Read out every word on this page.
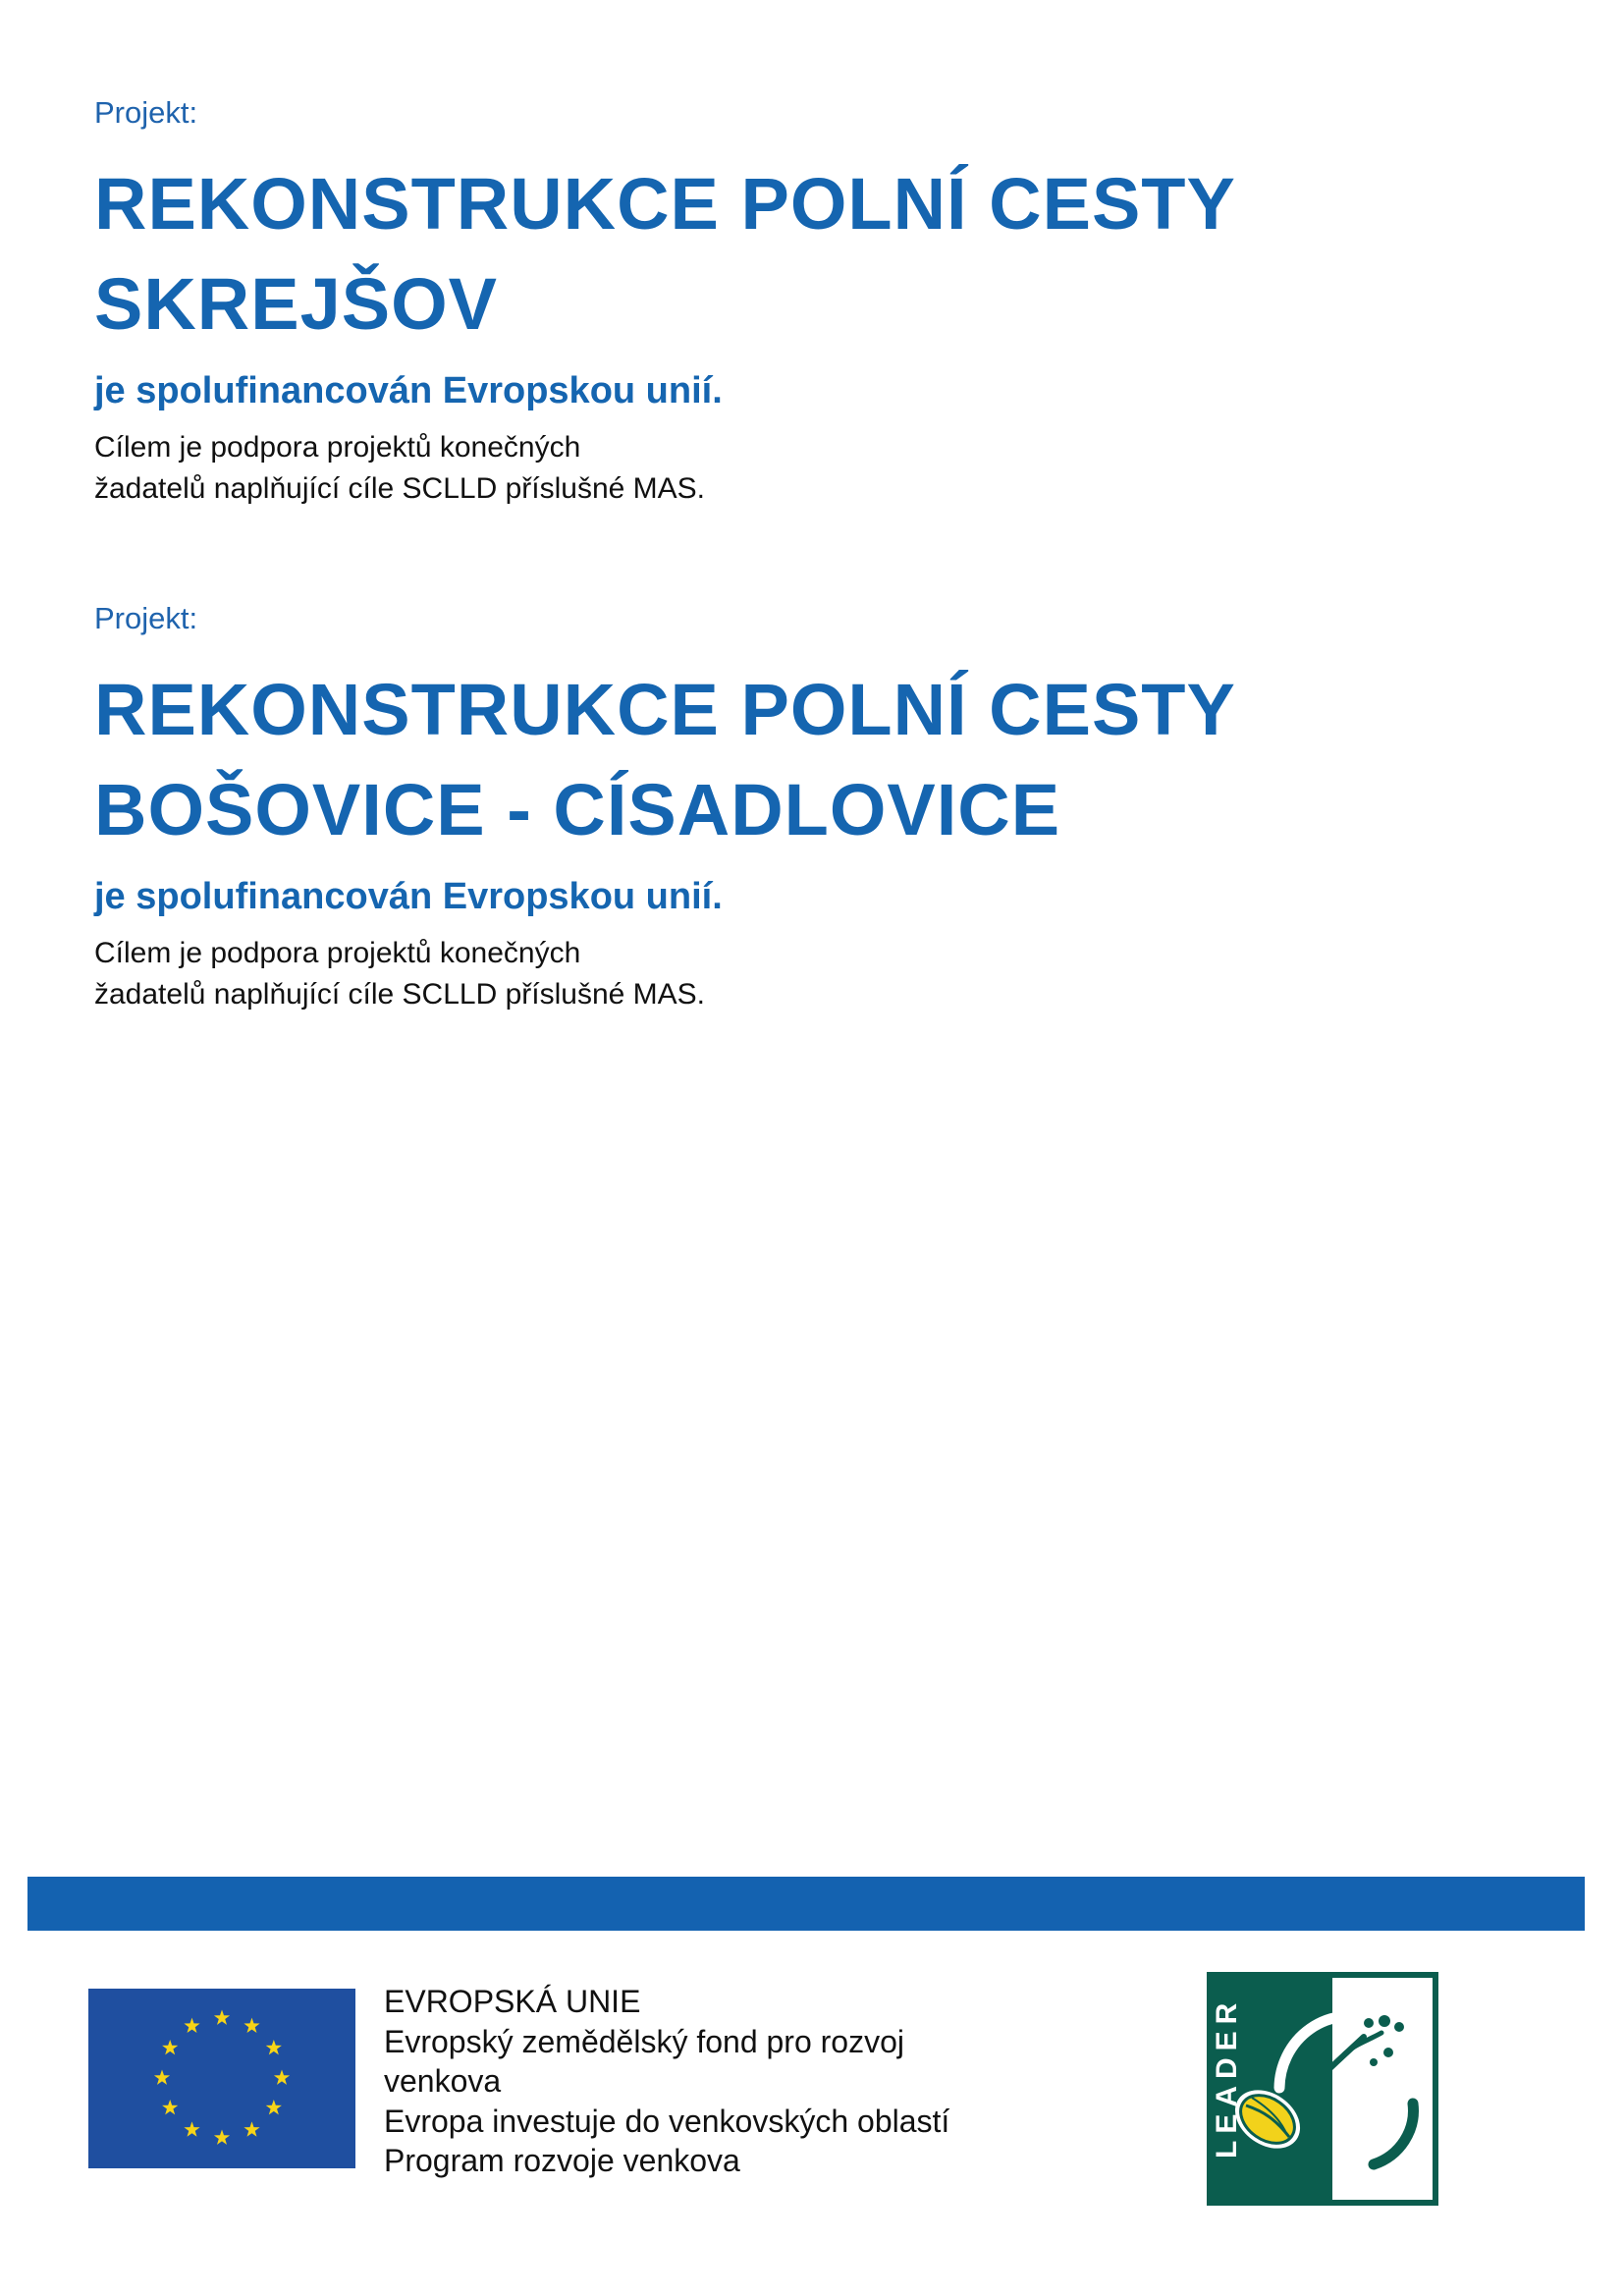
Projekt:
REKONSTRUKCE POLNÍ CESTY
SKREJŠOV
je spolufinancován Evropskou unií.
Cílem je podpora projektů konečných
žadatelů naplňující cíle SCLLD příslušné MAS.
Projekt:
REKONSTRUKCE POLNÍ CESTY
BOŠOVICE - CÍSADLOVICE
je spolufinancován Evropskou unií.
Cílem je podpora projektů konečných
žadatelů naplňující cíle SCLLD příslušné MAS.
EVROPSKÁ UNIE
Evropský zemědělský fond pro rozvoj
venkova
Evropa investuje do venkovských oblastí
Program rozvoje venkova
LEADER
